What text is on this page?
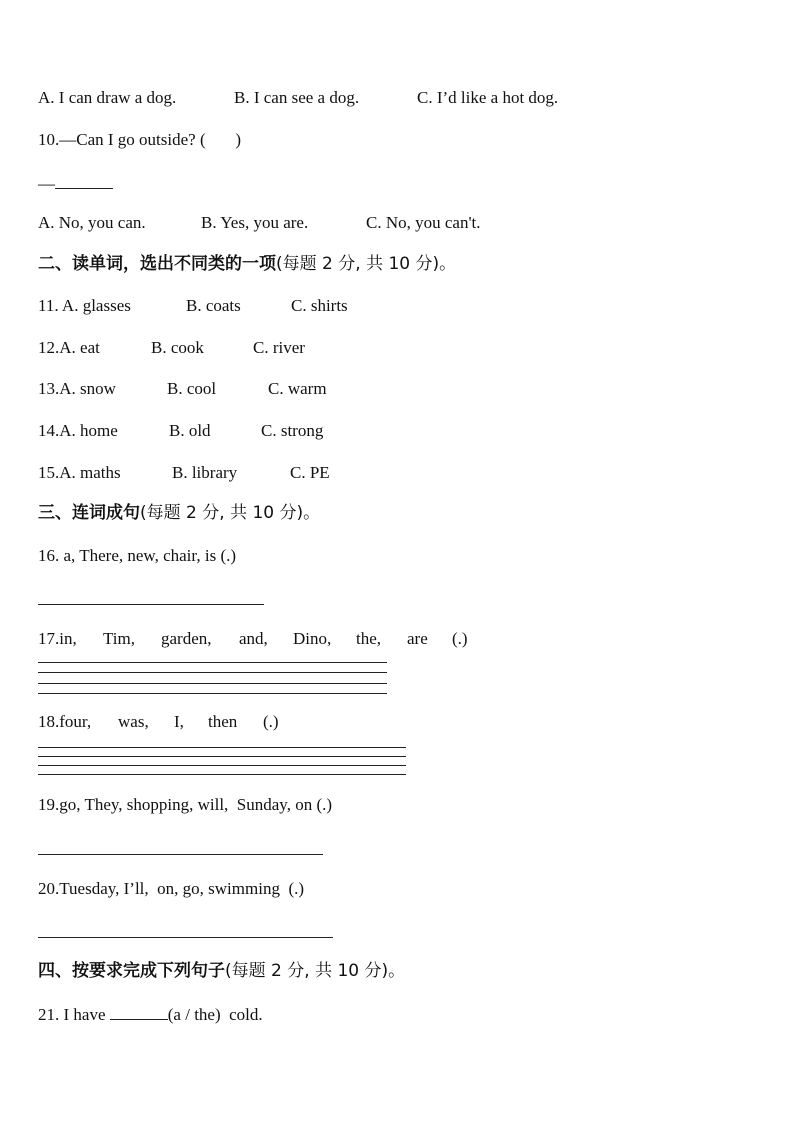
A. I can draw a dog.	B. I can see a dog.	C. I’d like a hot dog.
10.—Can I go outside? (       )
—
A. No, you can.	B. Yes, you are.	C. No, you can't.
二、读单词，选出不同类的一项(每题 2 分, 共 10 分)。
11. A. glasses	B. coats	C. shirts
12.A. eat	B. cook	C. river
13.A. snow	B. cool	C. warm
14.A. home	B. old	C. strong
15.A. maths	B. library	C. PE
三、连词成句(每题 2 分, 共 10 分)。
16. a, There, new, chair, is (.)
17.in, Tim, garden, and, Dino, the, are (.)
18.four, was, I, then (.)
19.go, They, shopping, will,  Sunday, on (.)
20.Tuesday, I’ll,  on, go, swimming  (.)
四、按要求完成下列句子(每题 2 分, 共 10 分)。
21. I have	(a / the)  cold.
